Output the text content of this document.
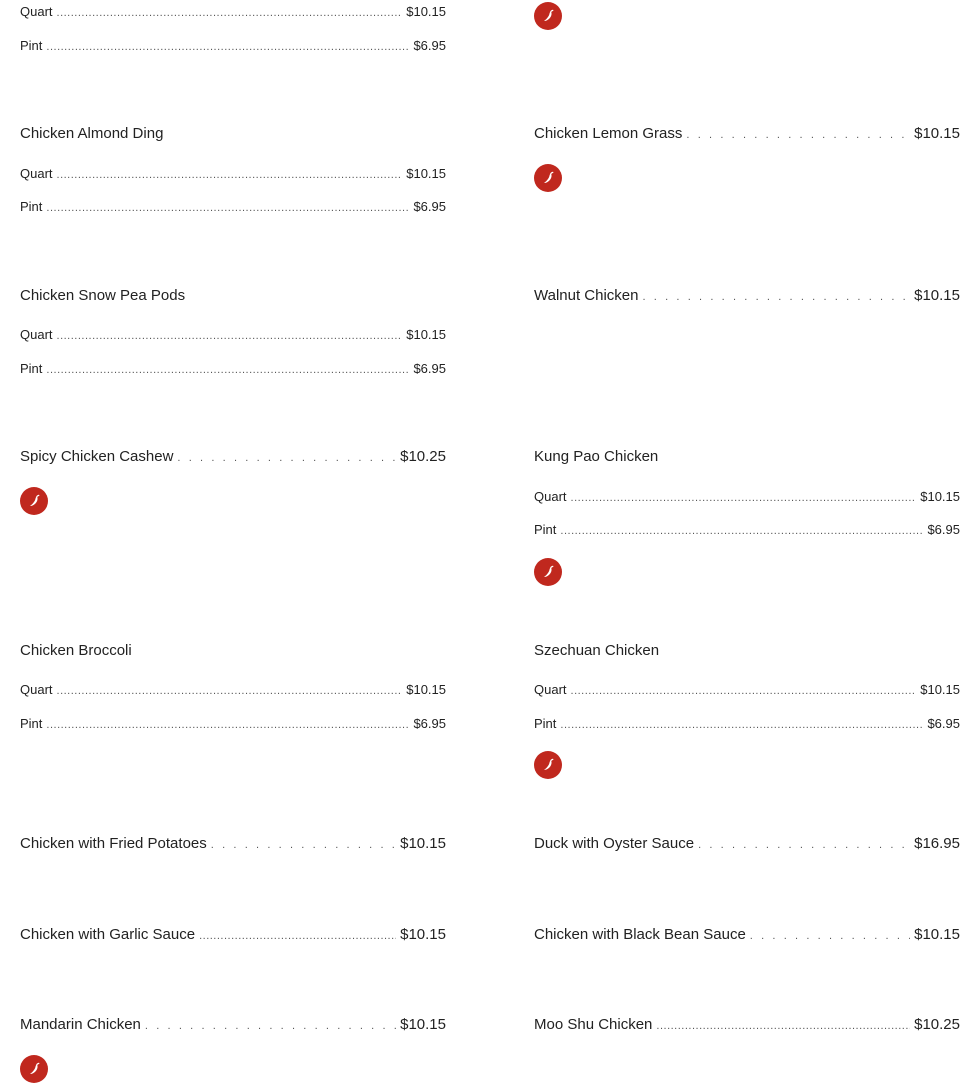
Quart .....	$10.15
Pint .....	$6.95
Chicken Almond Ding
Quart .....	$10.15
Pint .....	$6.95
Chicken Snow Pea Pods
Quart .....	$10.15
Pint .....	$6.95
Spicy Chicken Cashew . . .	$10.25
Chicken Broccoli
Quart .....	$10.15
Pint .....	$6.95
Chicken with Fried Potatoes . . .	$10.15
Chicken with Garlic Sauce .....	$10.15
Mandarin Chicken . . .	$10.15
Chicken Lemon Grass . . .	$10.15
Walnut Chicken . . .	$10.15
Kung Pao Chicken
Quart .....	$10.15
Pint .....	$6.95
Szechuan Chicken
Quart .....	$10.15
Pint .....	$6.95
Duck with Oyster Sauce . . .	$16.95
Chicken with Black Bean Sauce . . .	$10.15
Moo Shu Chicken .....	$10.25
